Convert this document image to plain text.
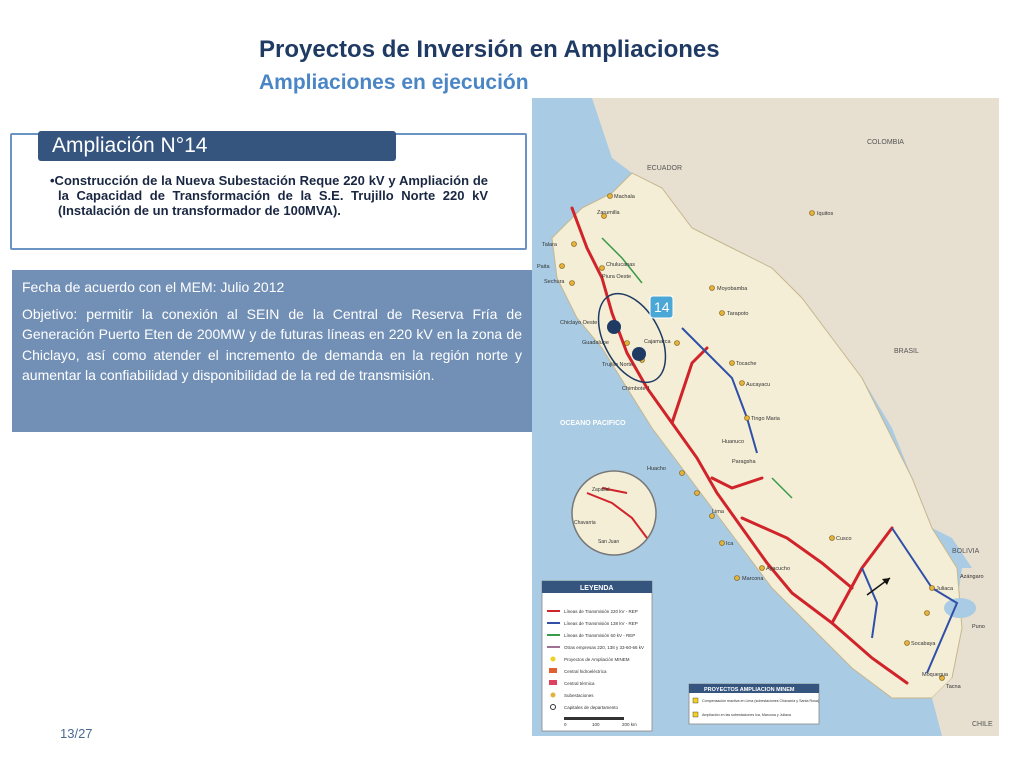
Proyectos de Inversión en Ampliaciones
Ampliaciones en ejecución
Ampliación N°14

•Construcción de la Nueva Subestación Reque 220 kV y Ampliación de la Capacidad de Transformación de la S.E. Trujillo Norte 220 kV (Instalación de un transformador de 100MVA).

Fecha de acuerdo con el MEM: Julio 2012

Objetivo: permitir la conexión al SEIN de la Central de Reserva Fría de Generación Puerto Eten de 200MW y de futuras líneas en 220 kV en la zona de Chiclayo, así como atender el incremento de demanda en la región norte y aumentar la confiabilidad y disponibilidad de la red de transmisión.

13/27
COLOMBIA
ECUADOR
BRASIL
BOLIVIA
CHILE
OCEANO PACIFICO
Talara
Paita
Sechura
Machala
Zarumilla
Chulucanas
Piura Oeste
Chiclayo Oeste
Guadalupe
Trujillo Norte
Chimbote 1
Cajamarca
Iquitos
Moyobamba
Tarapoto
Tocache
Aucayacu
Tingo Maria
Huanuco
Paragsha
Huacho
Lima
Ica
Marcona
Ayacucho
Cusco
Socabaya
Juliaca
Azángaro
Puno
Moquegua
Tacna
14
Zapallal
Chavarria
San Juan
LEYENDA
Líneas de Transmisión 220 kV - REP
Líneas de Transmisión 138 kV - REP
Líneas de Transmisión 60 kV - REP
Otras empresas 220, 138 y 33-60-66 kV
Proyectos de Ampliación MINEM
Central hidroeléctrica
Central térmica
Subestaciones
Capitales de departamento
0	100	200 km
PROYECTOS AMPLIACION MINEM
Compensación reactiva en Lima (subestaciones Chavarría y Santa Rosa)
Ampliación en las subestaciones Ica, Marcona y Juliaca
